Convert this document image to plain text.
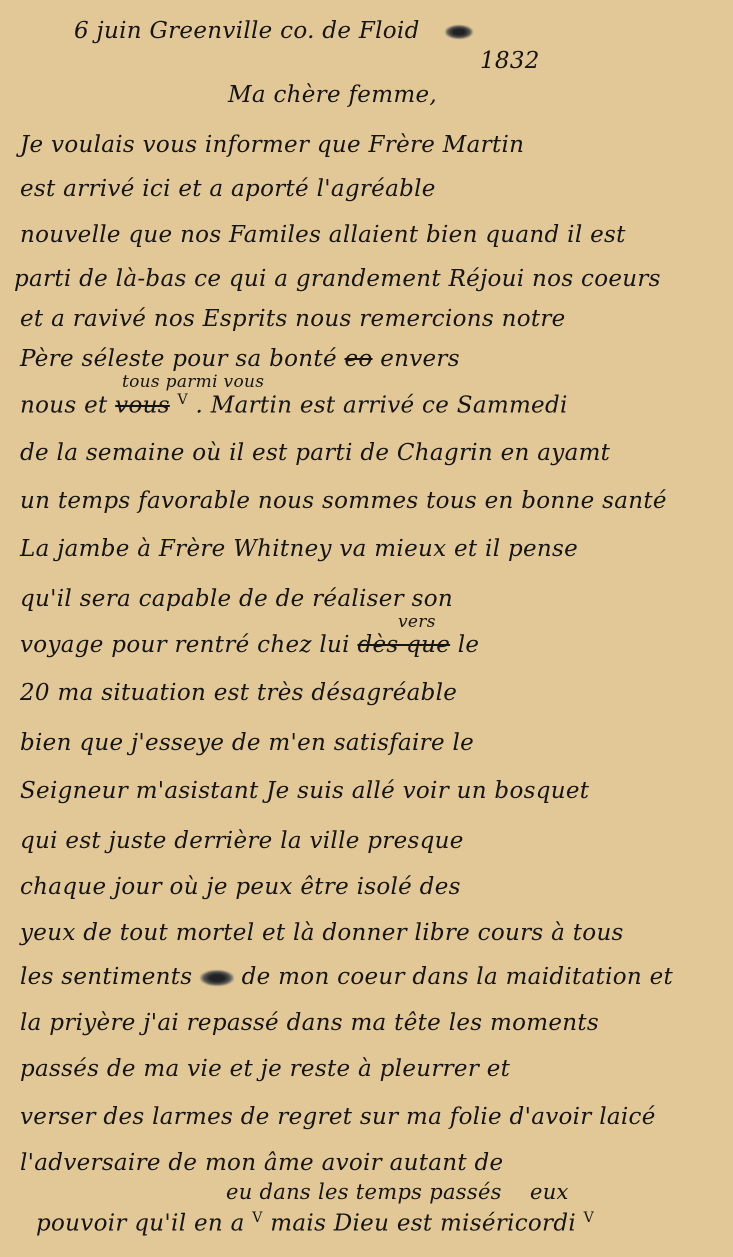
6 juin Greenville co. de Floid
1832
Ma chère femme,
Je voulais vous informer que Frère Martin
est arrivé ici et a aporté l'agréable
nouvelle que nos Familes allaient bien quand il est
parti de là-bas ce qui a grandement Réjoui nos coeurs
et a ravivé nos Esprits nous remercions notre
Père séleste pour sa bonté eo envers
tous parmi vous
nous et vous $^V$ . Martin est arrivé ce Sammedi
de la semaine où il est parti de Chagrin en ayamt
un temps favorable nous sommes tous en bonne santé
La jambe à Frère Whitney va mieux et il pense
qu'il sera capable de de réaliser son
vers
voyage pour rentré chez lui dès que le
20 ma situation est très désagréable
bien que j'esseye de m'en satisfaire le
Seigneur m'asistant Je suis allé voir un bosquet
qui est juste derrière la ville presque
chaque jour où je peux être isolé des
yeux de tout mortel et là donner libre cours à tous
les sentiments de mon coeur dans la maiditation et
la priyère j'ai repassé dans ma tête les moments
passés de ma vie et je reste à pleurrer et
verser des larmes de regret sur ma folie d'avoir laicé
l'adversaire de mon âme avoir autant de
eu dans les temps passés eux
pouvoir qu'il en a $^V$ mais Dieu est miséricordi $^V$
